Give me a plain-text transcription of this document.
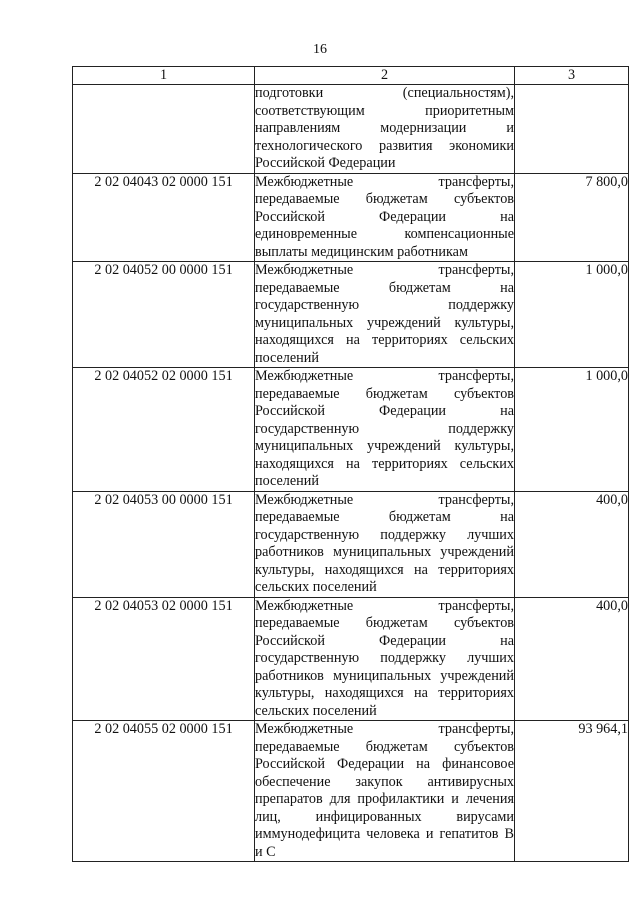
16
1	2	3
	подготовки (специальностям), соответствующим приоритетным направлениям модернизации и технологического развития экономики Российской Федерации	
2 02 04043 02 0000 151	Межбюджетные трансферты, передаваемые бюджетам субъектов Российской Федерации на единовременные компенсационные выплаты медицинским работникам	7 800,0
2 02 04052 00 0000 151	Межбюджетные трансферты, передаваемые бюджетам на государственную поддержку муниципальных учреждений культуры, находящихся на территориях сельских поселений	1 000,0
2 02 04052 02 0000 151	Межбюджетные трансферты, передаваемые бюджетам субъектов Российской Федерации на государственную поддержку муниципальных учреждений культуры, находящихся на территориях сельских поселений	1 000,0
2 02 04053 00 0000 151	Межбюджетные трансферты, передаваемые бюджетам на государственную поддержку лучших работников муниципальных учреждений культуры, находящихся на территориях сельских поселений	400,0
2 02 04053 02 0000 151	Межбюджетные трансферты, передаваемые бюджетам субъектов Российской Федерации на государственную поддержку лучших работников муниципальных учреждений культуры, находящихся на территориях сельских поселений	400,0
2 02 04055 02 0000 151	Межбюджетные трансферты, передаваемые бюджетам субъектов Российской Федерации на финансовое обеспечение закупок антивирусных препаратов для профилактики и лечения лиц, инфицированных вирусами иммунодефицита человека и гепатитов B и C	93 964,1
